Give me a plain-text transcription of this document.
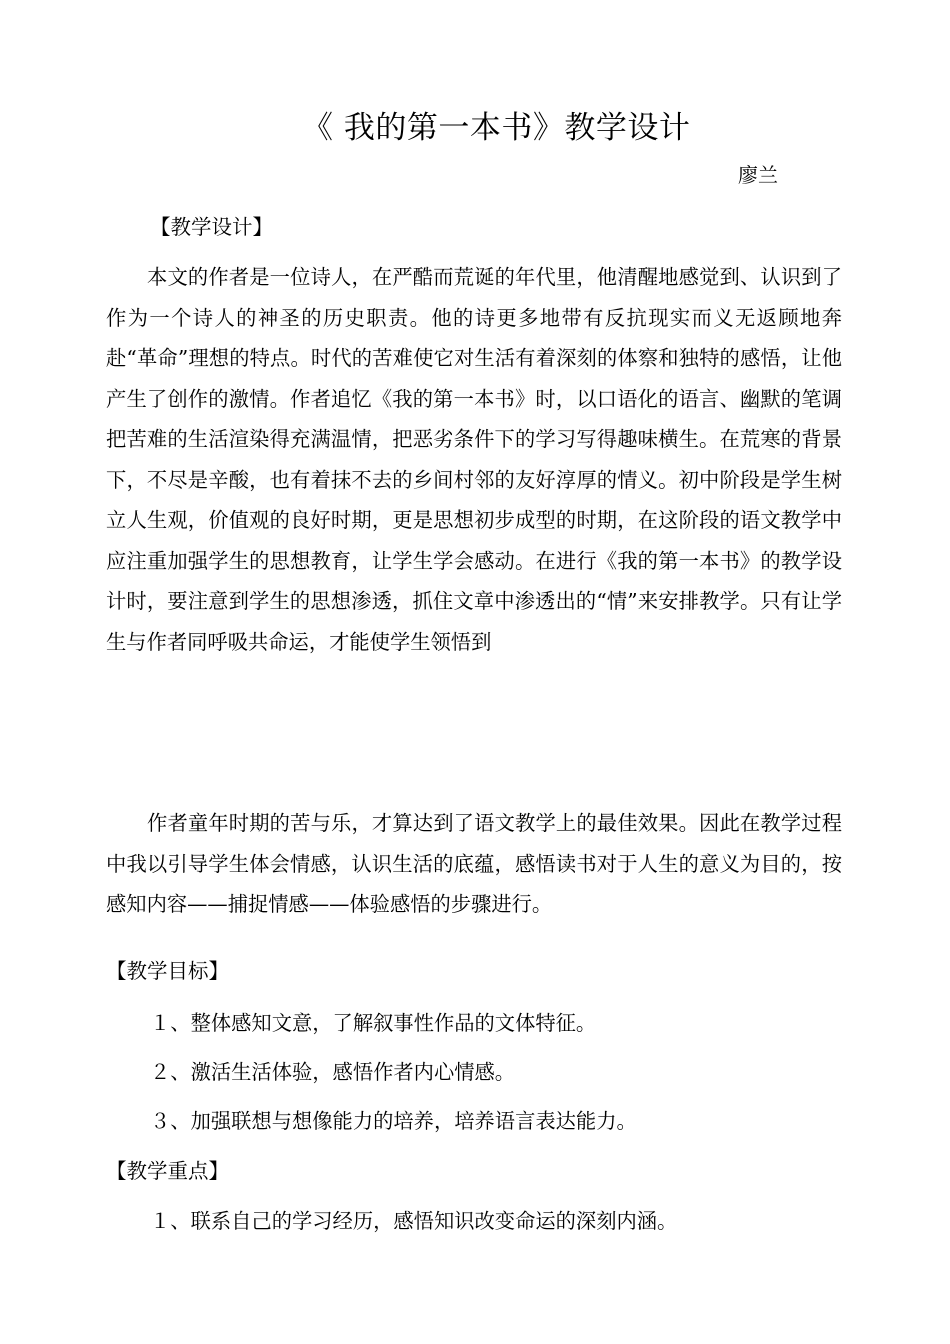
《 我的第一本书》教学设计
廖兰
【教学设计】

本文的作者是一位诗人，在严酷而荒诞的年代里，他清醒地感觉到、认识到了作为一个诗人的神圣的历史职责。他的诗更多地带有反抗现实而义无返顾地奔赴“革命”理想的特点。时代的苦难使它对生活有着深刻的体察和独特的感悟，让他产生了创作的激情。作者追忆《我的第一本书》时，以口语化的语言、幽默的笔调把苦难的生活渲染得充满温情，把恶劣条件下的学习写得趣味横生。在荒寒的背景下，不尽是辛酸，也有着抹不去的乡间村邻的友好淳厚的情义。初中阶段是学生树立人生观，价值观的良好时期，更是思想初步成型的时期，在这阶段的语文教学中应注重加强学生的思想教育，让学生学会感动。在进行《我的第一本书》的教学设计时，要注意到学生的思想渗透，抓住文章中渗透出的“情”来安排教学。只有让学生与作者同呼吸共命运，才能使学生领悟到

作者童年时期的苦与乐，才算达到了语文教学上的最佳效果。因此在教学过程中我以引导学生体会情感，认识生活的底蕴，感悟读书对于人生的意义为目的，按感知内容——捕捉情感——体验感悟的步骤进行。

【教学目标】
１、整体感知文意，了解叙事性作品的文体特征。
２、激活生活体验，感悟作者内心情感。
３、加强联想与想像能力的培养，培养语言表达能力。
【教学重点】
１、联系自己的学习经历，感悟知识改变命运的深刻内涵。
